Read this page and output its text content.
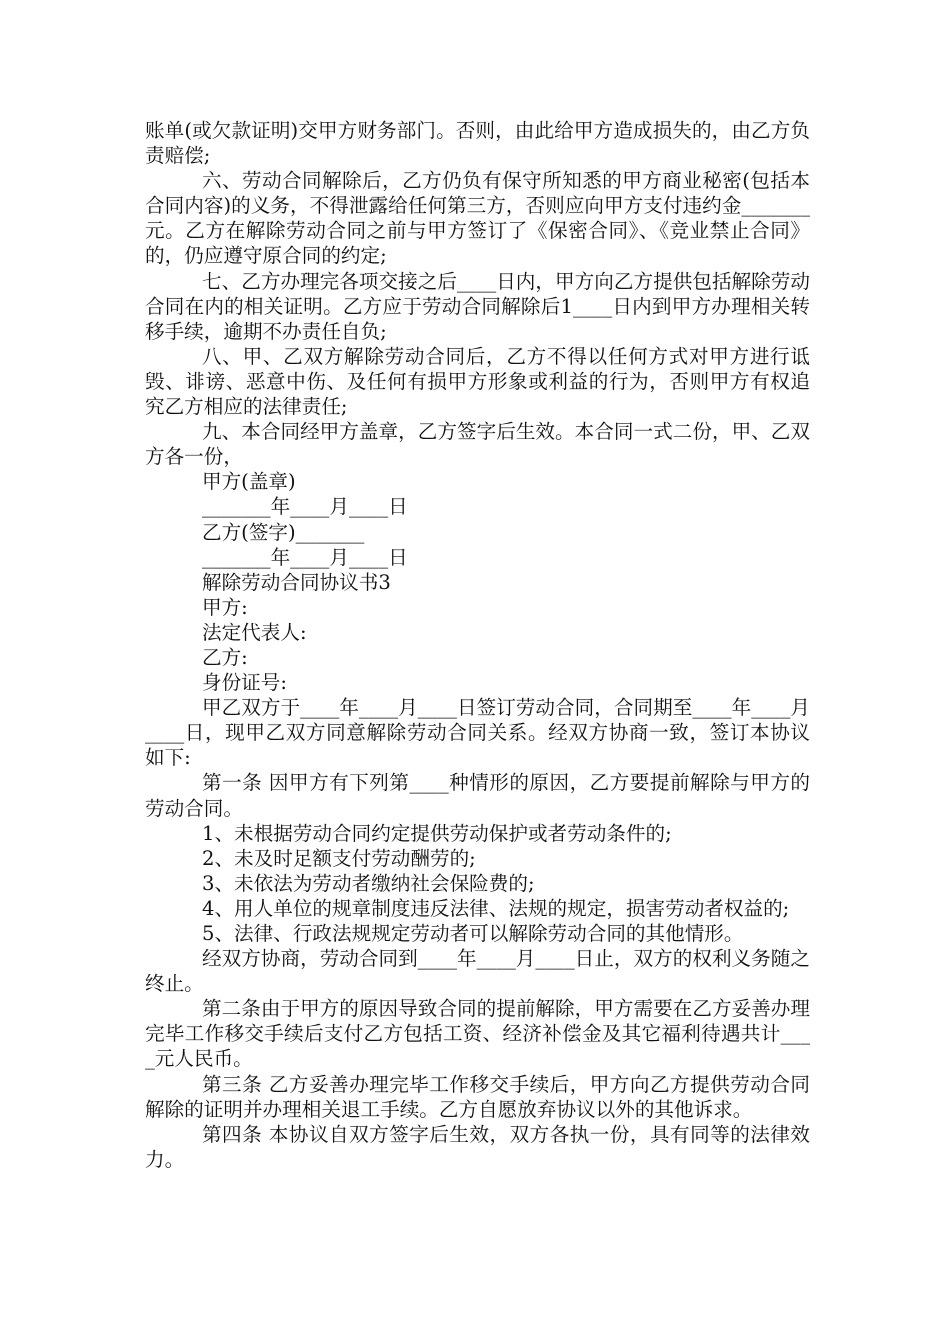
账单(或欠款证明)交甲方财务部门。否则，由此给甲方造成损失的，由乙方负责赔偿;

六、劳动合同解除后，乙方仍负有保守所知悉的甲方商业秘密(包括本合同内容)的义务，不得泄露给任何第三方，否则应向甲方支付违约金_______元。乙方在解除劳动合同之前与甲方签订了《保密合同》、《竞业禁止合同》的，仍应遵守原合同的约定;

七、乙方办理完各项交接之后____日内，甲方向乙方提供包括解除劳动合同在内的相关证明。乙方应于劳动合同解除后1____日内到甲方办理相关转移手续，逾期不办责任自负;

八、甲、乙双方解除劳动合同后，乙方不得以任何方式对甲方进行诋毁、诽谤、恶意中伤、及任何有损甲方形象或利益的行为，否则甲方有权追究乙方相应的法律责任;

九、本合同经甲方盖章，乙方签字后生效。本合同一式二份，甲、乙双方各一份，

甲方(盖章)

_______年____月____日

乙方(签字)_______

_______年____月____日

解除劳动合同协议书3

甲方:

法定代表人:

乙方:

身份证号:

甲乙双方于____年____月____日签订劳动合同，合同期至____年____月____日，现甲乙双方同意解除劳动合同关系。经双方协商一致，签订本协议如下:

第一条 因甲方有下列第____种情形的原因，乙方要提前解除与甲方的劳动合同。

1、未根据劳动合同约定提供劳动保护或者劳动条件的;

2、未及时足额支付劳动酬劳的;

3、未依法为劳动者缴纳社会保险费的;

4、用人单位的规章制度违反法律、法规的规定，损害劳动者权益的;

5、法律、行政法规规定劳动者可以解除劳动合同的其他情形。

经双方协商，劳动合同到____年____月____日止，双方的权利义务随之终止。

第二条由于甲方的原因导致合同的提前解除，甲方需要在乙方妥善办理完毕工作移交手续后支付乙方包括工资、经济补偿金及其它福利待遇共计____元人民币。

第三条 乙方妥善办理完毕工作移交手续后，甲方向乙方提供劳动合同解除的证明并办理相关退工手续。乙方自愿放弃协议以外的其他诉求。

第四条 本协议自双方签字后生效，双方各执一份，具有同等的法律效力。
